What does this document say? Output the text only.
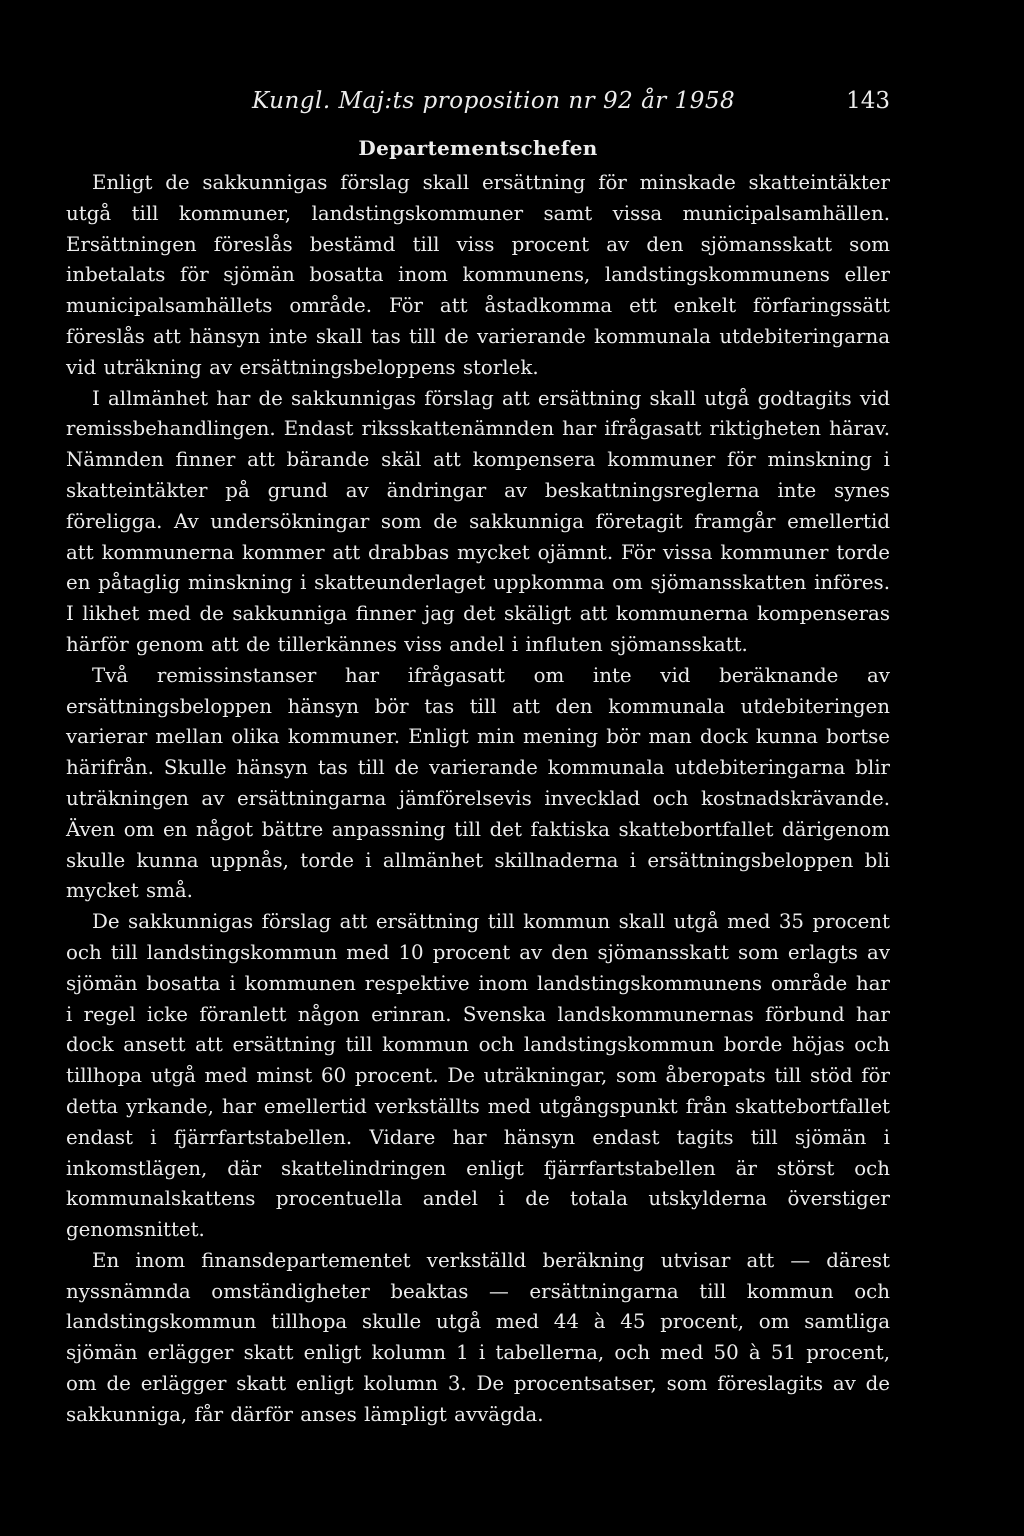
Kungl. Maj:ts proposition nr 92 år 1958	143
Departementschefen

Enligt de sakkunnigas förslag skall ersättning för minskade skatteintäkter utgå till kommuner, landstingskommuner samt vissa municipalsamhällen. Ersättningen föreslås bestämd till viss procent av den sjömansskatt som inbetalats för sjömän bosatta inom kommunens, landstingskommunens eller municipalsamhällets område. För att åstadkomma ett enkelt förfaringssätt föreslås att hänsyn inte skall tas till de varierande kommunala utdebiteringarna vid uträkning av ersättningsbeloppens storlek.

I allmänhet har de sakkunnigas förslag att ersättning skall utgå godtagits vid remissbehandlingen. Endast riksskattenämnden har ifrågasatt riktigheten härav. Nämnden finner att bärande skäl att kompensera kommuner för minskning i skatteintäkter på grund av ändringar av beskattningsreglerna inte synes föreligga. Av undersökningar som de sakkunniga företagit framgår emellertid att kommunerna kommer att drabbas mycket ojämnt. För vissa kommuner torde en påtaglig minskning i skatteunderlaget uppkomma om sjömansskatten införes. I likhet med de sakkunniga finner jag det skäligt att kommunerna kompenseras härför genom att de tillerkännes viss andel i influten sjömansskatt.

Två remissinstanser har ifrågasatt om inte vid beräknande av ersättningsbeloppen hänsyn bör tas till att den kommunala utdebiteringen varierar mellan olika kommuner. Enligt min mening bör man dock kunna bortse härifrån. Skulle hänsyn tas till de varierande kommunala utdebiteringarna blir uträkningen av ersättningarna jämförelsevis invecklad och kostnadskrävande. Även om en något bättre anpassning till det faktiska skattebortfallet därigenom skulle kunna uppnås, torde i allmänhet skillnaderna i ersättningsbeloppen bli mycket små.

De sakkunnigas förslag att ersättning till kommun skall utgå med 35 procent och till landstingskommun med 10 procent av den sjömansskatt som erlagts av sjömän bosatta i kommunen respektive inom landstingskommunens område har i regel icke föranlett någon erinran. Svenska landskommunernas förbund har dock ansett att ersättning till kommun och landstingskommun borde höjas och tillhopa utgå med minst 60 procent. De uträkningar, som åberopats till stöd för detta yrkande, har emellertid verkställts med utgångspunkt från skattebortfallet endast i fjärrfartstabellen. Vidare har hänsyn endast tagits till sjömän i inkomstlägen, där skattelindringen enligt fjärrfartstabellen är störst och kommunalskattens procentuella andel i de totala utskylderna överstiger genomsnittet.

En inom finansdepartementet verkställd beräkning utvisar att — därest nyssnämnda omständigheter beaktas — ersättningarna till kommun och landstingskommun tillhopa skulle utgå med 44 à 45 procent, om samtliga sjömän erlägger skatt enligt kolumn 1 i tabellerna, och med 50 à 51 procent, om de erlägger skatt enligt kolumn 3. De procentsatser, som föreslagits av de sakkunniga, får därför anses lämpligt avvägda.
